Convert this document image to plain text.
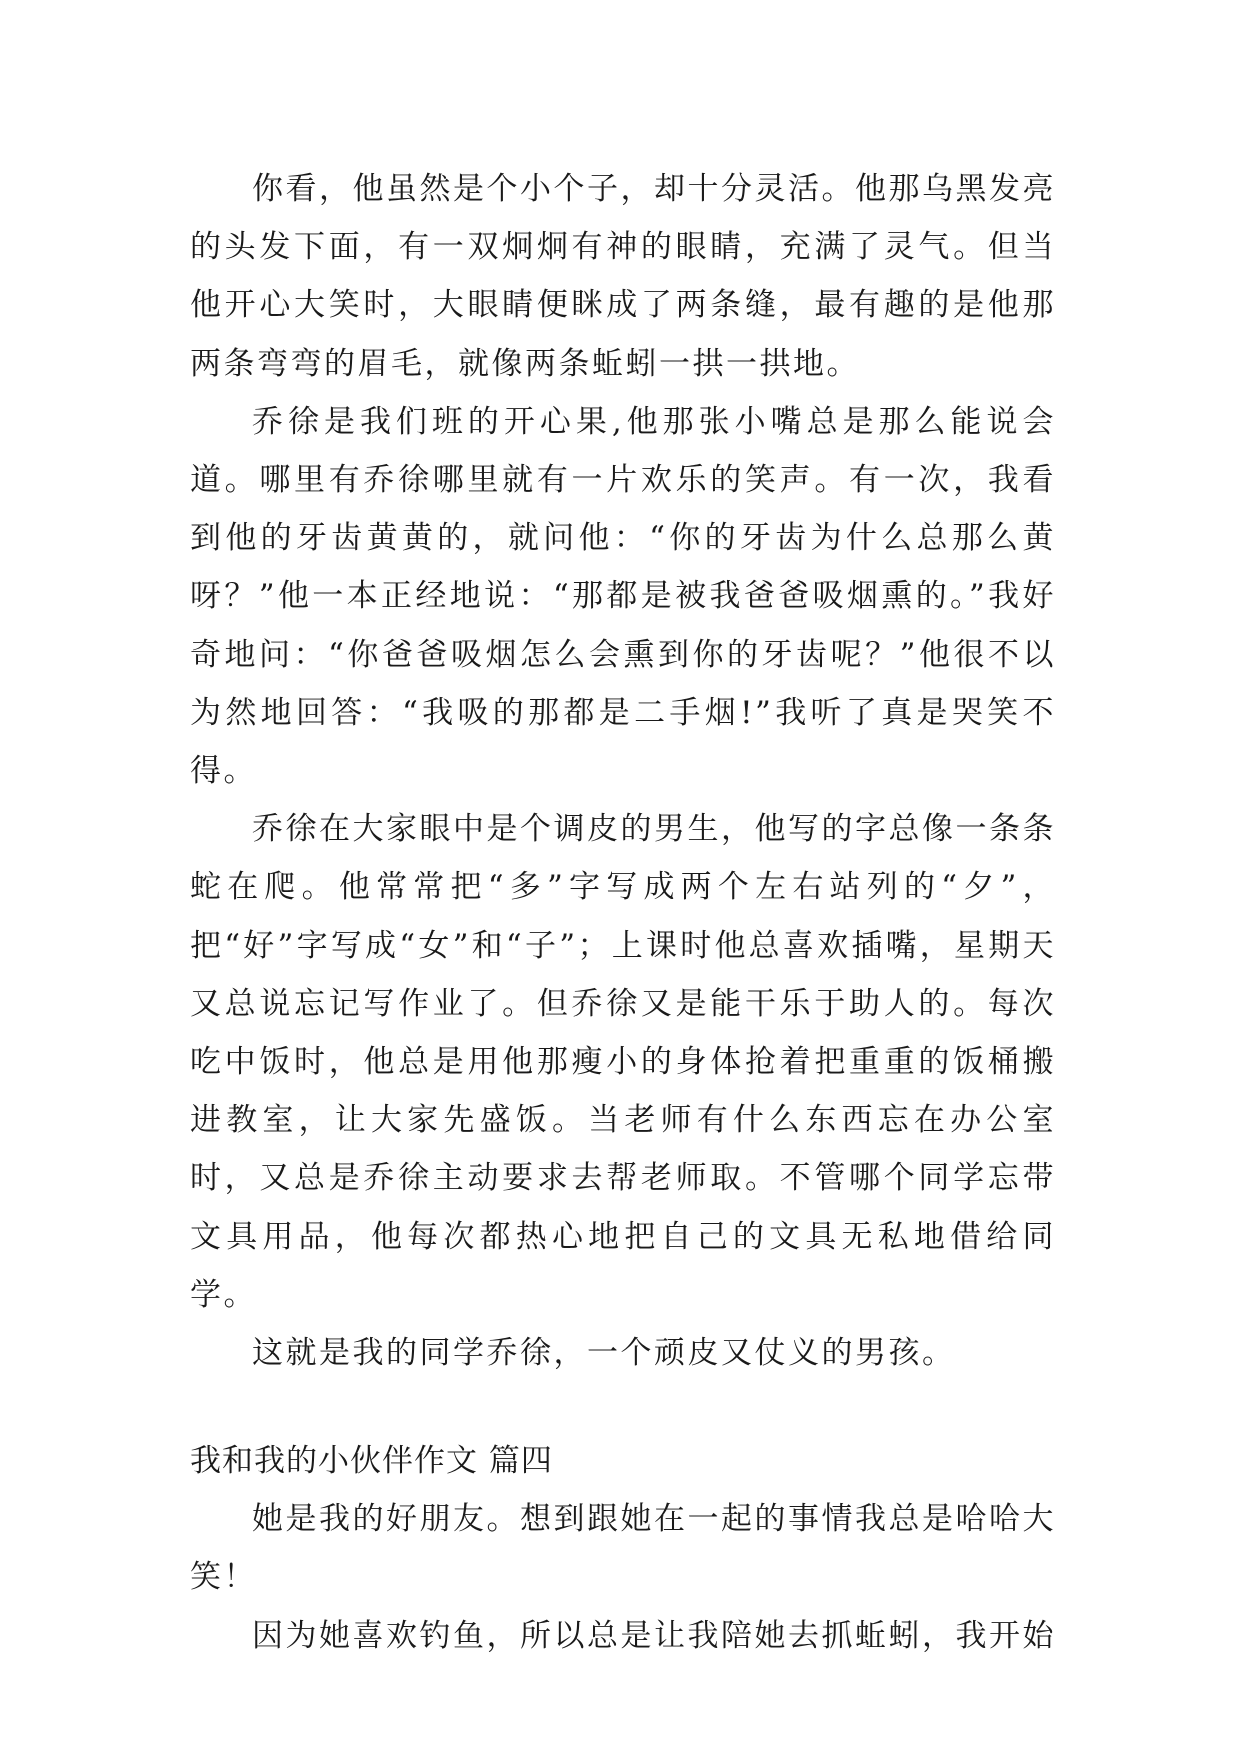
你看，他虽然是个小个子，却十分灵活。他那乌黑发亮的头发下面，有一双炯炯有神的眼睛，充满了灵气。但当他开心大笑时，大眼睛便眯成了两条缝，最有趣的是他那两条弯弯的眉毛，就像两条蚯蚓一拱一拱地。

乔徐是我们班的开心果,他那张小嘴总是那么能说会道。哪里有乔徐哪里就有一片欢乐的笑声。有一次，我看到他的牙齿黄黄的，就问他：“你的牙齿为什么总那么黄呀？”他一本正经地说：“那都是被我爸爸吸烟熏的。”我好奇地问：“你爸爸吸烟怎么会熏到你的牙齿呢？”他很不以为然地回答：“我吸的那都是二手烟!”我听了真是哭笑不得。

乔徐在大家眼中是个调皮的男生，他写的字总像一条条蛇在爬。他常常把“多”字写成两个左右站列的“夕”，把“好”字写成“女”和“子”；上课时他总喜欢插嘴，星期天又总说忘记写作业了。但乔徐又是能干乐于助人的。每次吃中饭时，他总是用他那瘦小的身体抢着把重重的饭桶搬进教室，让大家先盛饭。当老师有什么东西忘在办公室时，又总是乔徐主动要求去帮老师取。不管哪个同学忘带文具用品，他每次都热心地把自己的文具无私地借给同学。

这就是我的同学乔徐，一个顽皮又仗义的男孩。

我和我的小伙伴作文 篇四

她是我的好朋友。想到跟她在一起的事情我总是哈哈大笑！

因为她喜欢钓鱼，所以总是让我陪她去抓蚯蚓，我开始
